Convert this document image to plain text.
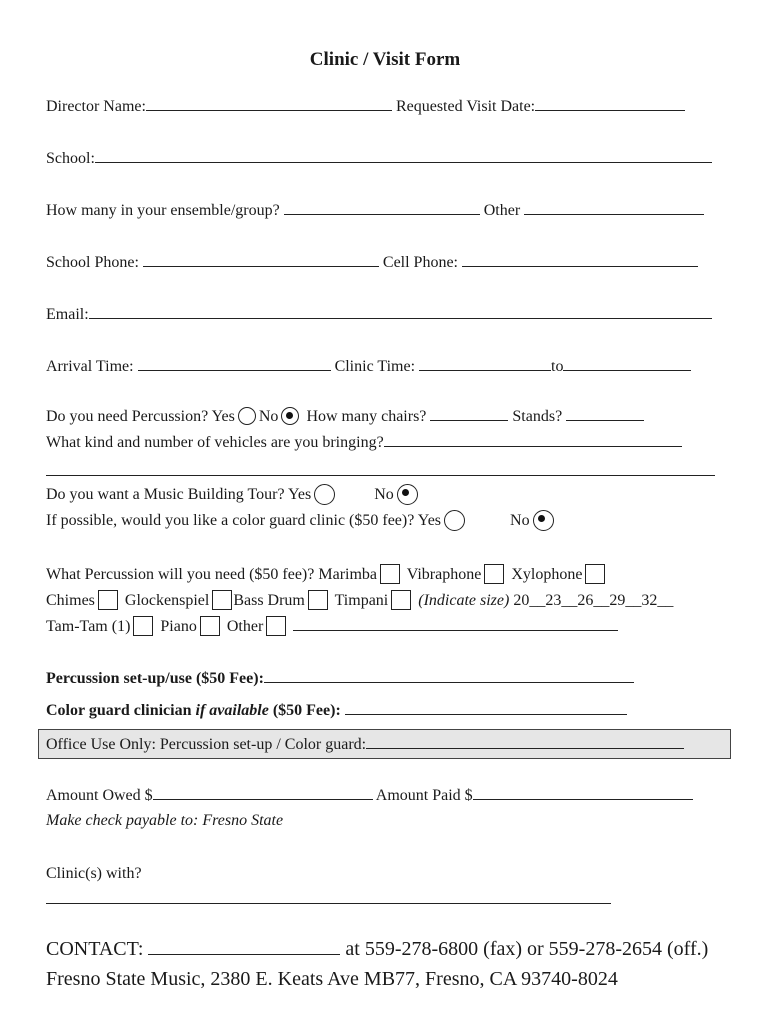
Clinic / Visit Form
Director Name:	Requested Visit Date:
School:
How many in your ensemble/group?	Other
School Phone:	Cell Phone:
Email:
Arrival Time:	Clinic Time:	to
Do you need Percussion? Yes No How many chairs?	Stands?
What kind and number of vehicles are you bringing?
Do you want a Music Building Tour? Yes	No
If possible, would you like a color guard clinic ($50 fee)? Yes	No
What Percussion will you need ($50 fee)? Marimba Vibraphone Xylophone
Chimes Glockenspiel Bass Drum Timpani (Indicate size) 20__23__26__29__32__
Tam-Tam (1) Piano Other
Percussion set-up/use ($50 Fee):
Color guard clinician if available ($50 Fee):
Office Use Only: Percussion set-up / Color guard:
Amount Owed $	Amount Paid $
Make check payable to: Fresno State
Clinic(s) with?
CONTACT:	at 559-278-6800 (fax) or 559-278-2654 (off.)
Fresno State Music, 2380 E. Keats Ave MB77, Fresno, CA 93740-8024
